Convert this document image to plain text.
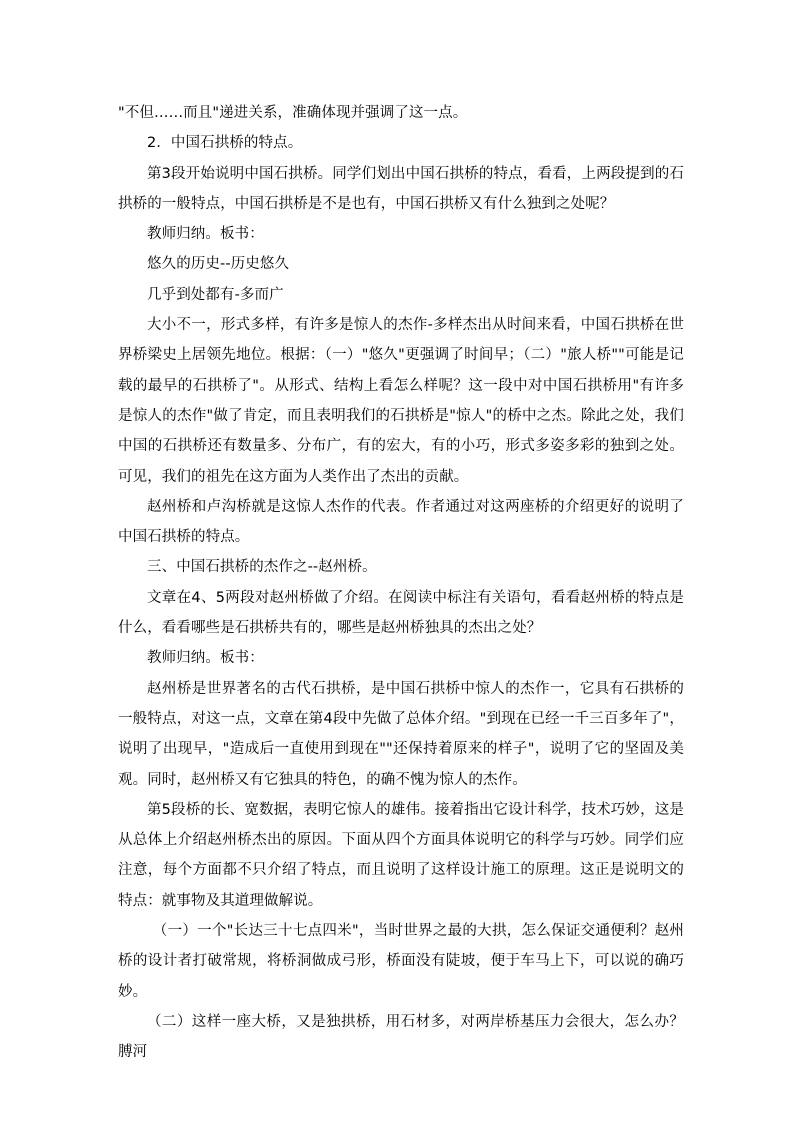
"不但……而且"递进关系，准确体现并强调了这一点。

2．中国石拱桥的特点。

第3段开始说明中国石拱桥。同学们划出中国石拱桥的特点，看看，上两段提到的石拱桥的一般特点，中国石拱桥是不是也有，中国石拱桥又有什么独到之处呢？

教师归纳。板书：

悠久的历史--历史悠久

几乎到处都有-多而广

大小不一，形式多样，有许多是惊人的杰作-多样杰出从时间来看，中国石拱桥在世界桥梁史上居领先地位。根据：（一）"悠久"更强调了时间早；（二）"旅人桥""可能是记载的最早的石拱桥了"。从形式、结构上看怎么样呢？这一段中对中国石拱桥用"有许多是惊人的杰作"做了肯定，而且表明我们的石拱桥是"惊人"的桥中之杰。除此之处，我们中国的石拱桥还有数量多、分布广，有的宏大，有的小巧，形式多姿多彩的独到之处。可见，我们的祖先在这方面为人类作出了杰出的贡献。

赵州桥和卢沟桥就是这惊人杰作的代表。作者通过对这两座桥的介绍更好的说明了中国石拱桥的特点。

三、中国石拱桥的杰作之--赵州桥。

文章在4、5两段对赵州桥做了介绍。在阅读中标注有关语句，看看赵州桥的特点是什么，看看哪些是石拱桥共有的，哪些是赵州桥独具的杰出之处？

教师归纳。板书：

赵州桥是世界著名的古代石拱桥，是中国石拱桥中惊人的杰作一，它具有石拱桥的一般特点，对这一点，文章在第4段中先做了总体介绍。"到现在已经一千三百多年了"，说明了出现早，"造成后一直使用到现在""还保持着原来的样子"，说明了它的坚固及美观。同时，赵州桥又有它独具的特色，的确不愧为惊人的杰作。

第5段桥的长、宽数据，表明它惊人的雄伟。接着指出它设计科学，技术巧妙，这是从总体上介绍赵州桥杰出的原因。下面从四个方面具体说明它的科学与巧妙。同学们应注意，每个方面都不只介绍了特点，而且说明了这样设计施工的原理。这正是说明文的特点：就事物及其道理做解说。

（一）一个"长达三十七点四米"，当时世界之最的大拱，怎么保证交通便利？赵州桥的设计者打破常规，将桥洞做成弓形，桥面没有陡坡，便于车马上下，可以说的确巧妙。

（二）这样一座大桥，又是独拱桥，用石材多，对两岸桥基压力会很大，怎么办？膊河
